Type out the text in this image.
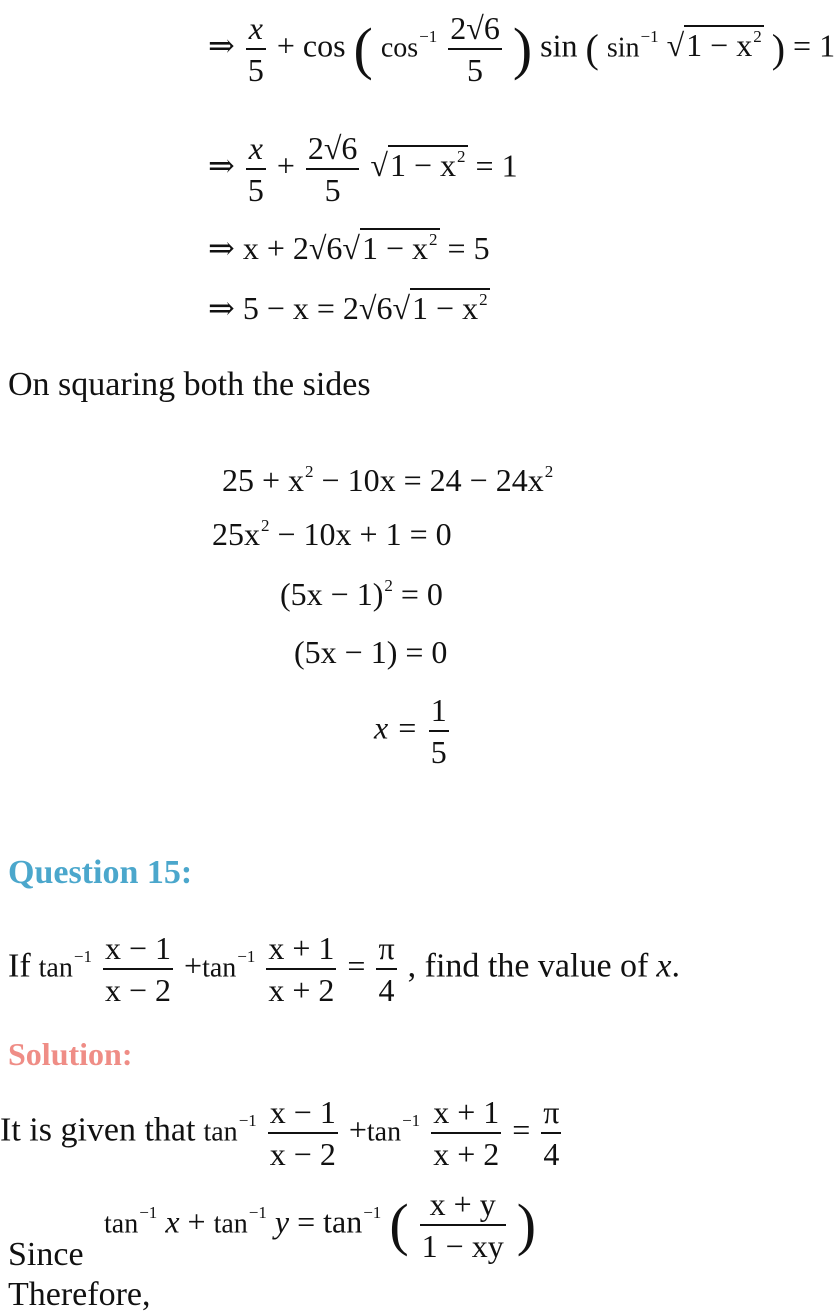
⇒ $\frac{x}{5} + \cos$ ( $\cos^{-1} \frac{2√6}{5}$ ) sin ( $\sin^{-1} √1 - x^2$ ) = 1
⇒ $\frac{x}{5} + \frac{2√6}{5} √1 - x^2 = 1$
⇒ $x + 2√6√1 - x^2 = 5$
⇒ $5 - x = 2√6√1 - x^2$
On squaring both the sides
$25 + x^2 - 10x = 24 - 24x^2$
$25x^2 - 10x + 1 = 0$
$(5x - 1)^2 = 0$
(5x − 1) = 0
$x = \frac{1}{5}$
Question 15:
If $\tan^{-1} \frac{x - 1}{x - 2} +\tan^{-1} \frac{x + 1}{x + 2} = \frac{\pi}{4}$ , find the value of x.
Solution:
It is given that $\tan^{-1} \frac{x - 1}{x - 2} +\tan^{-1} \frac{x + 1}{x + 2} = \frac{\pi}{4}$
$\tan^{-1} x + \tan^{-1} y = \tan^{-1}$ ( $\frac{x + y}{1 - xy}$ )
Since
Therefore,
